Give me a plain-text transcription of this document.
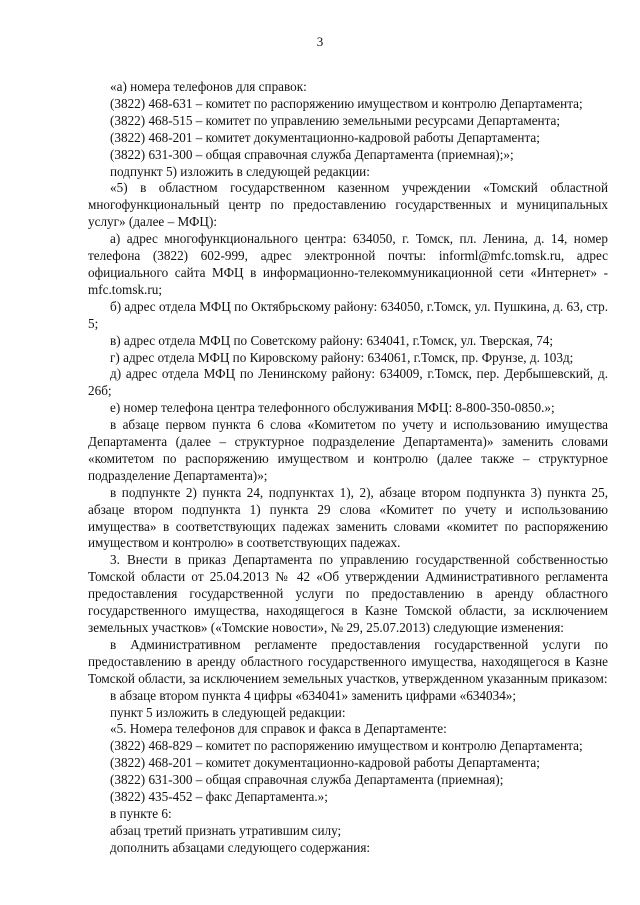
3

«а) номера телефонов для справок:

(3822) 468-631 – комитет по распоряжению имуществом и контролю Департамента;

(3822) 468-515 – комитет по управлению земельными ресурсами Департамента;

(3822) 468-201 – комитет документационно-кадровой работы Департамента;

(3822) 631-300 – общая справочная служба Департамента (приемная);»;

подпункт 5) изложить в следующей редакции:

«5) в областном государственном казенном учреждении «Томский областной многофункциональный центр по предоставлению государственных и муниципальных услуг» (далее – МФЦ):

а) адрес многофункционального центра: 634050, г. Томск, пл. Ленина, д. 14, номер телефона (3822) 602-999, адрес электронной почты: informl@mfc.tomsk.ru, адрес официального сайта МФЦ в информационно-телекоммуникационной сети «Интернет» - mfc.tomsk.ru;

б) адрес отдела МФЦ по Октябрьскому району: 634050, г.Томск, ул. Пушкина, д. 63, стр. 5;

в) адрес отдела МФЦ по Советскому району: 634041, г.Томск, ул. Тверская, 74;

г) адрес отдела МФЦ по Кировскому району: 634061, г.Томск, пр. Фрунзе, д. 103д;

д) адрес отдела МФЦ по Ленинскому району: 634009, г.Томск, пер. Дербышевский, д. 26б;

е) номер телефона центра телефонного обслуживания МФЦ: 8-800-350-0850.»;

в абзаце первом пункта 6 слова «Комитетом по учету и использованию имущества Департамента (далее – структурное подразделение Департамента)» заменить словами «комитетом по распоряжению имуществом и контролю (далее также – структурное подразделение Департамента)»;

в подпункте 2) пункта 24, подпунктах 1), 2), абзаце втором подпункта 3) пункта 25, абзаце втором подпункта 1) пункта 29 слова «Комитет по учету и использованию имущества» в соответствующих падежах заменить словами «комитет по распоряжению имуществом и контролю» в соответствующих падежах.

3. Внести в приказ Департамента по управлению государственной собственностью Томской области от 25.04.2013 № 42 «Об утверждении Административного регламента предоставления государственной услуги по предоставлению в аренду областного государственного имущества, находящегося в Казне Томской области, за исключением земельных участков» («Томские новости», № 29, 25.07.2013) следующие изменения:

в Административном регламенте предоставления государственной услуги по предоставлению в аренду областного государственного имущества, находящегося в Казне Томской области, за исключением земельных участков, утвержденном указанным приказом:

в абзаце втором пункта 4 цифры «634041» заменить цифрами «634034»;

пункт 5 изложить в следующей редакции:

«5. Номера телефонов для справок и факса в Департаменте:

(3822) 468-829 – комитет по распоряжению имуществом и контролю Департамента;

(3822) 468-201 – комитет документационно-кадровой работы Департамента;

(3822) 631-300 – общая справочная служба Департамента (приемная);

(3822) 435-452 – факс Департамента.»;

в пункте 6:

абзац третий признать утратившим силу;

дополнить абзацами следующего содержания:
